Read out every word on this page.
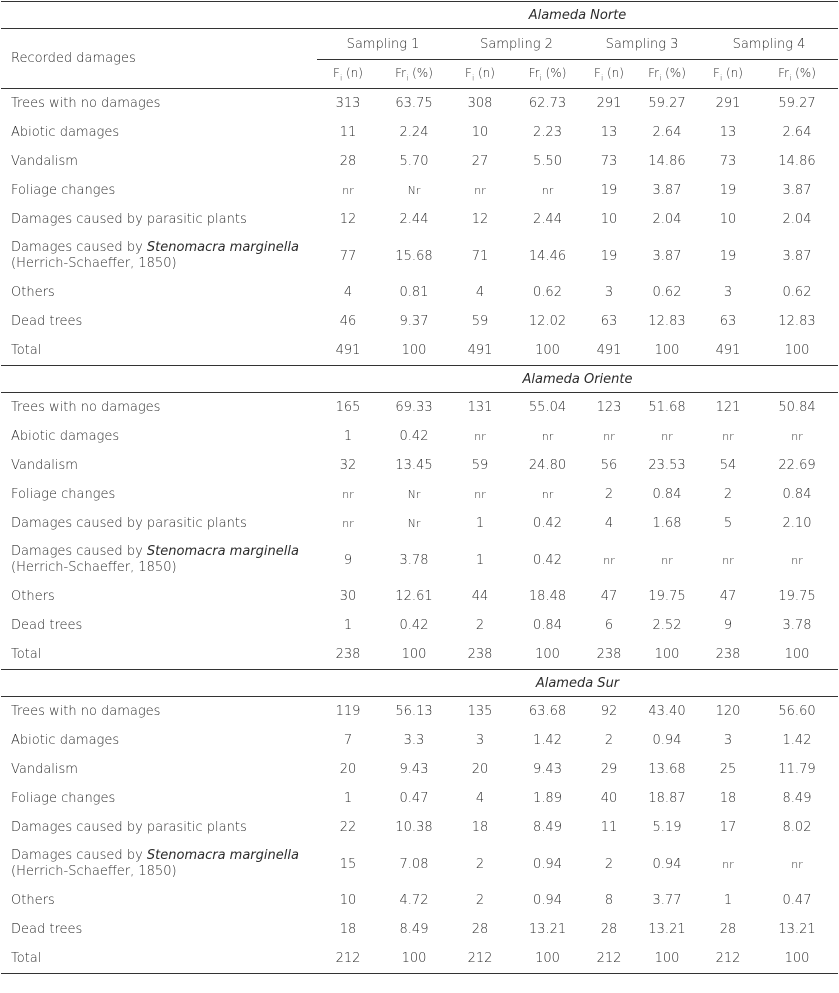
	Alameda Norte							
Recorded damages	Sampling 1		Sampling 2		Sampling 3		Sampling 4	
	$F_i$ (n)	$Fr_i$ (%)	$F_i$ (n)	$Fr_i$ (%)	$F_i$ (n)	$Fr_i$ (%)	$F_i$ (n)	$Fr_i$ (%)
Trees with no damages	313	63.75	308	62.73	291	59.27	291	59.27
Abiotic damages	11	2.24	10	2.23	13	2.64	13	2.64
Vandalism	28	5.70	27	5.50	73	14.86	73	14.86
Foliage changes	nr	Nr	nr	nr	19	3.87	19	3.87
Damages caused by parasitic plants	12	2.44	12	2.44	10	2.04	10	2.04

Damages caused by Stenomacra marginella
(Herrich-Schaeffer, 1850)	77	15.68	71	14.46	19	3.87	19	3.87
Others	4	0.81	4	0.62	3	0.62	3	0.62
Dead trees	46	9.37	59	12.02	63	12.83	63	12.83
Total	491	100	491	100	491	100	491	100
	Alameda Oriente							
Trees with no damages	165	69.33	131	55.04	123	51.68	121	50.84
Abiotic damages	1	0.42	nr	nr	nr	nr	nr	nr
Vandalism	32	13.45	59	24.80	56	23.53	54	22.69
Foliage changes	nr	Nr	nr	nr	2	0.84	2	0.84
Damages caused by parasitic plants	nr	Nr	1	0.42	4	1.68	5	2.10

Damages caused by Stenomacra marginella
(Herrich-Schaeffer, 1850)	9	3.78	1	0.42	nr	nr	nr	nr
Others	30	12.61	44	18.48	47	19.75	47	19.75
Dead trees	1	0.42	2	0.84	6	2.52	9	3.78
Total	238	100	238	100	238	100	238	100
	Alameda Sur							
Trees with no damages	119	56.13	135	63.68	92	43.40	120	56.60
Abiotic damages	7	3.3	3	1.42	2	0.94	3	1.42
Vandalism	20	9.43	20	9.43	29	13.68	25	11.79
Foliage changes	1	0.47	4	1.89	40	18.87	18	8.49
Damages caused by parasitic plants	22	10.38	18	8.49	11	5.19	17	8.02

Damages caused by Stenomacra marginella
(Herrich-Schaeffer, 1850)	15	7.08	2	0.94	2	0.94	nr	nr
Others	10	4.72	2	0.94	8	3.77	1	0.47
Dead trees	18	8.49	28	13.21	28	13.21	28	13.21
Total	212	100	212	100	212	100	212	100
